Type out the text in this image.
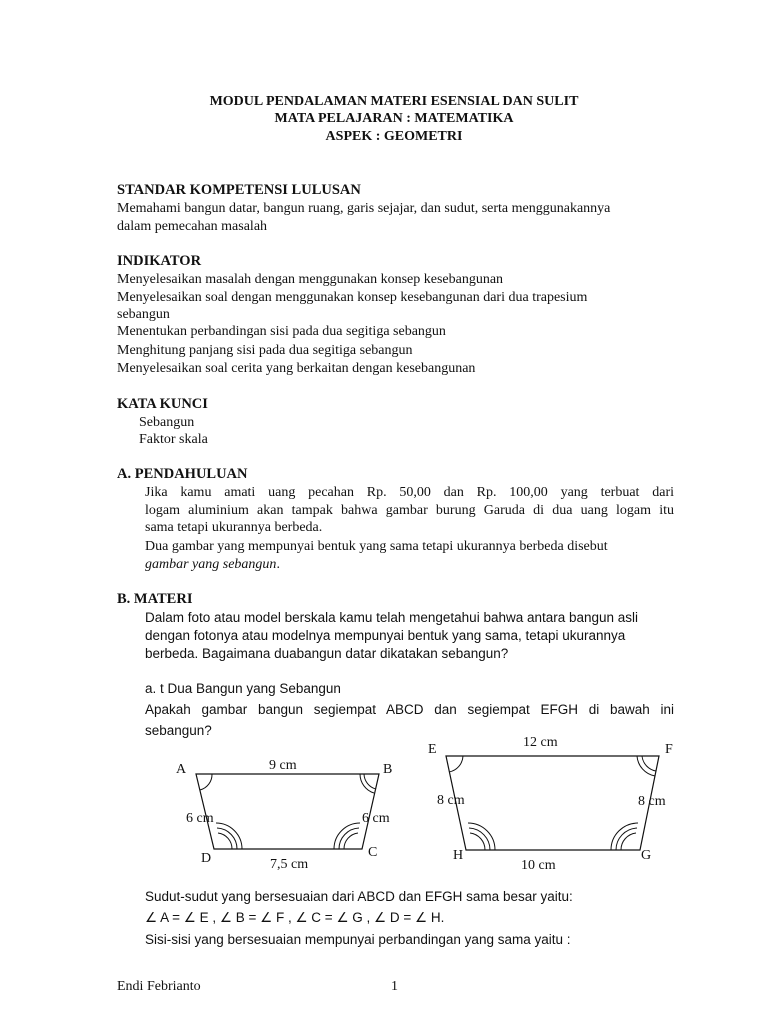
MODUL PENDALAMAN MATERI ESENSIAL DAN SULIT
MATA PELAJARAN : MATEMATIKA
ASPEK : GEOMETRI
STANDAR KOMPETENSI LULUSAN
Memahami bangun datar, bangun ruang, garis sejajar, dan sudut, serta menggunakannya
dalam pemecahan masalah
INDIKATOR
Menyelesaikan masalah dengan menggunakan konsep kesebangunan
Menyelesaikan soal dengan menggunakan konsep kesebangunan dari dua trapesium
sebangun
Menentukan perbandingan sisi pada dua segitiga sebangun
Menghitung panjang sisi pada dua segitiga sebangun
Menyelesaikan soal cerita yang berkaitan dengan kesebangunan
KATA KUNCI
Sebangun
Faktor skala
A. PENDAHULUAN
Jika kamu amati uang pecahan Rp. 50,00 dan Rp. 100,00 yang terbuat dari
logam aluminium akan tampak bahwa gambar burung Garuda di dua uang logam itu
sama tetapi ukurannya berbeda.
Dua gambar yang mempunyai bentuk yang sama tetapi ukurannya berbeda disebut
gambar yang sebangun.
B. MATERI
Dalam foto atau model berskala kamu telah mengetahui bahwa antara bangun asli
dengan fotonya atau modelnya mempunyai bentuk yang sama, tetapi ukurannya
berbeda. Bagaimana duabangun datar dikatakan sebangun?
a. t Dua Bangun yang Sebangun
Apakah gambar bangun segiempat ABCD dan segiempat EFGH di bawah ini
sebangun?
A	B
C
D
9 cm
6 cm	6 cm
7,5 cm
E	F
G
H
12 cm
8 cm	8 cm
10 cm
Sudut-sudut yang bersesuaian dari ABCD dan EFGH sama besar yaitu:
∠ A = ∠ E , ∠ B = ∠ F , ∠ C = ∠ G , ∠ D = ∠ H.
Sisi-sisi yang bersesuaian mempunyai perbandingan yang sama yaitu :
Endi Febrianto	1
